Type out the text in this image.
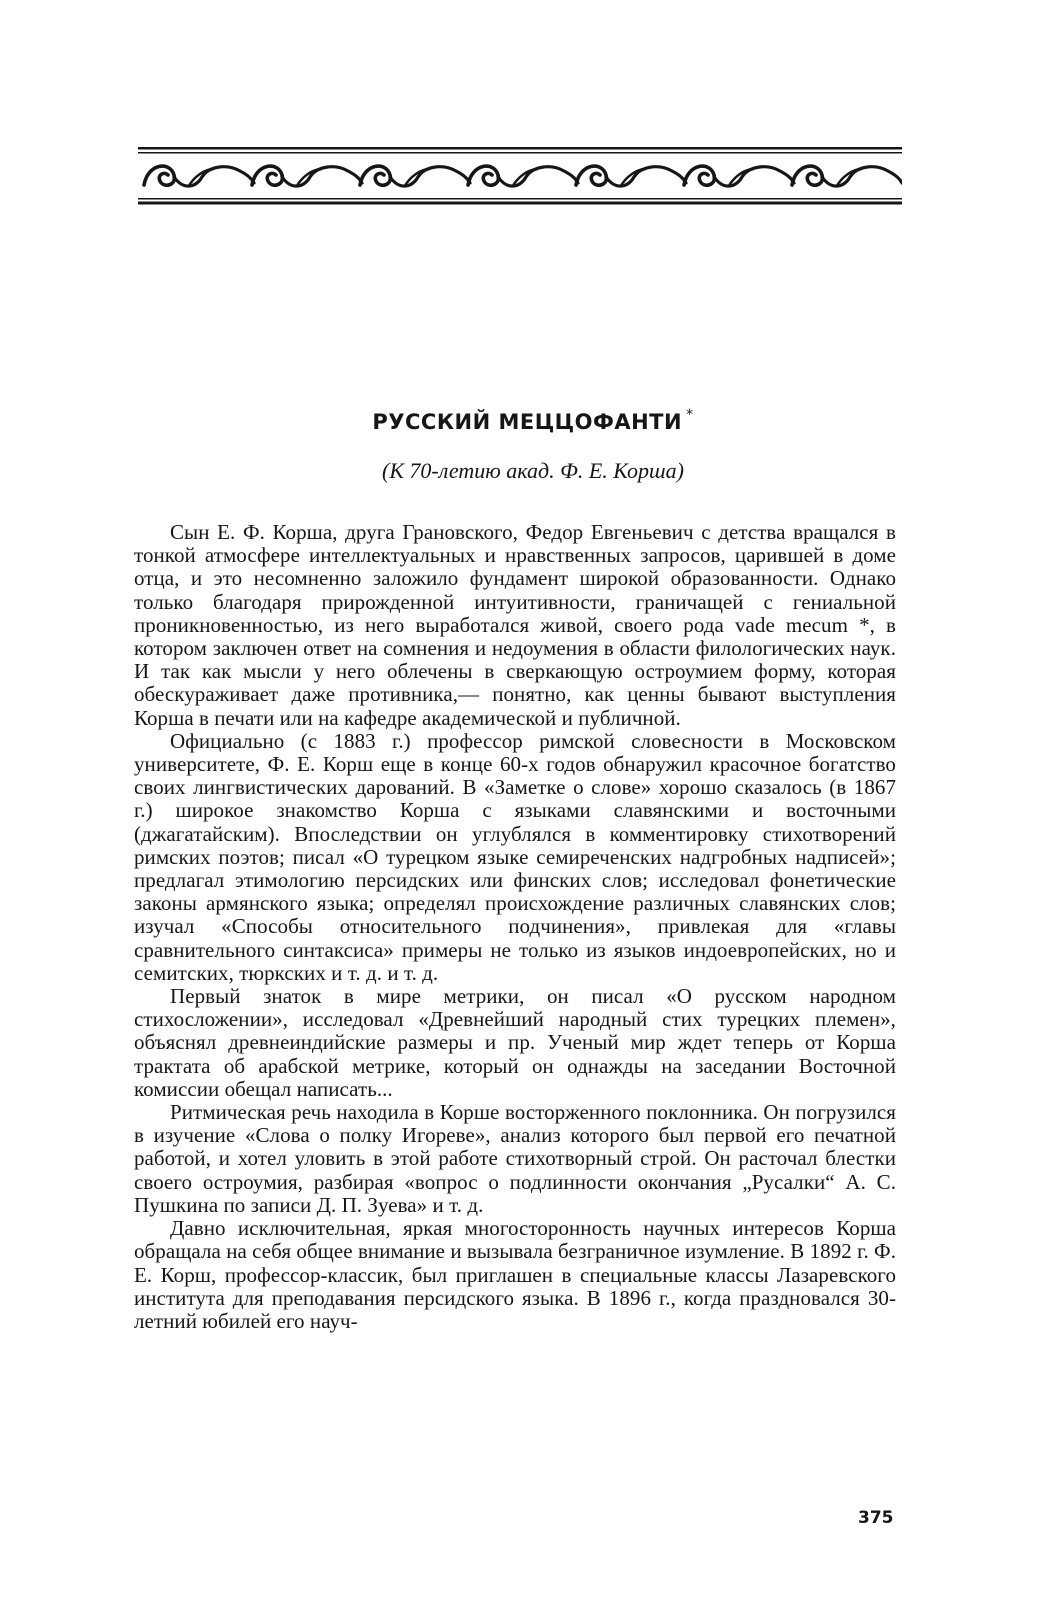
РУССКИЙ МЕЦЦОФАНТИ *
(К 70-летию акад. Ф. Е. Корша)

Сын Е. Ф. Корша, друга Грановского, Федор Евгеньевич с детства вращался в тонкой атмосфере интеллектуальных и нравственных запросов, царившей в доме отца, и это несомненно заложило фундамент широкой образованности. Однако только благодаря прирожденной интуитивности, граничащей с гениальной проникновенностью, из него выработался живой, своего рода vade mecum *, в котором заключен ответ на сомнения и недоумения в области филологических наук. И так как мысли у него облечены в сверкающую остроумием форму, которая обескураживает даже противника,— понятно, как ценны бывают выступления Корша в печати или на кафедре академической и публичной.

Официально (с 1883 г.) профессор римской словесности в Московском университете, Ф. Е. Корш еще в конце 60-х годов обнаружил красочное богатство своих лингвистических дарований. В «Заметке о слове» хорошо сказалось (в 1867 г.) широкое знакомство Корша с языками славянскими и восточными (джагатайским). Впоследствии он углублялся в комментировку стихотворений римских поэтов; писал «О турецком языке семиреченских надгробных надписей»; предлагал этимологию персидских или финских слов; исследовал фонетические законы армянского языка; определял происхождение различных славянских слов; изучал «Способы относительного подчинения», привлекая для «главы сравнительного синтаксиса» примеры не только из языков индоевропейских, но и семитских, тюркских и т. д. и т. д.

Первый знаток в мире метрики, он писал «О русском народном стихосложении», исследовал «Древнейший народный стих турецких племен», объяснял древнеиндийские размеры и пр. Ученый мир ждет теперь от Корша трактата об арабской метрике, который он однажды на заседании Восточной комиссии обещал написать...

Ритмическая речь находила в Корше восторженного поклонника. Он погрузился в изучение «Слова о полку Игореве», анализ которого был первой его печатной работой, и хотел уловить в этой работе стихотворный строй. Он расточал блестки своего остроумия, разбирая «вопрос о подлинности окончания „Русалки“ А. С. Пушкина по записи Д. П. Зуева» и т. д.

Давно исключительная, яркая многосторонность научных интересов Корша обращала на себя общее внимание и вызывала безграничное изумление. В 1892 г. Ф. Е. Корш, профессор-классик, был приглашен в специальные классы Лазаревского института для преподавания персидского языка. В 1896 г., когда праздновался 30-летний юбилей его науч-

375
